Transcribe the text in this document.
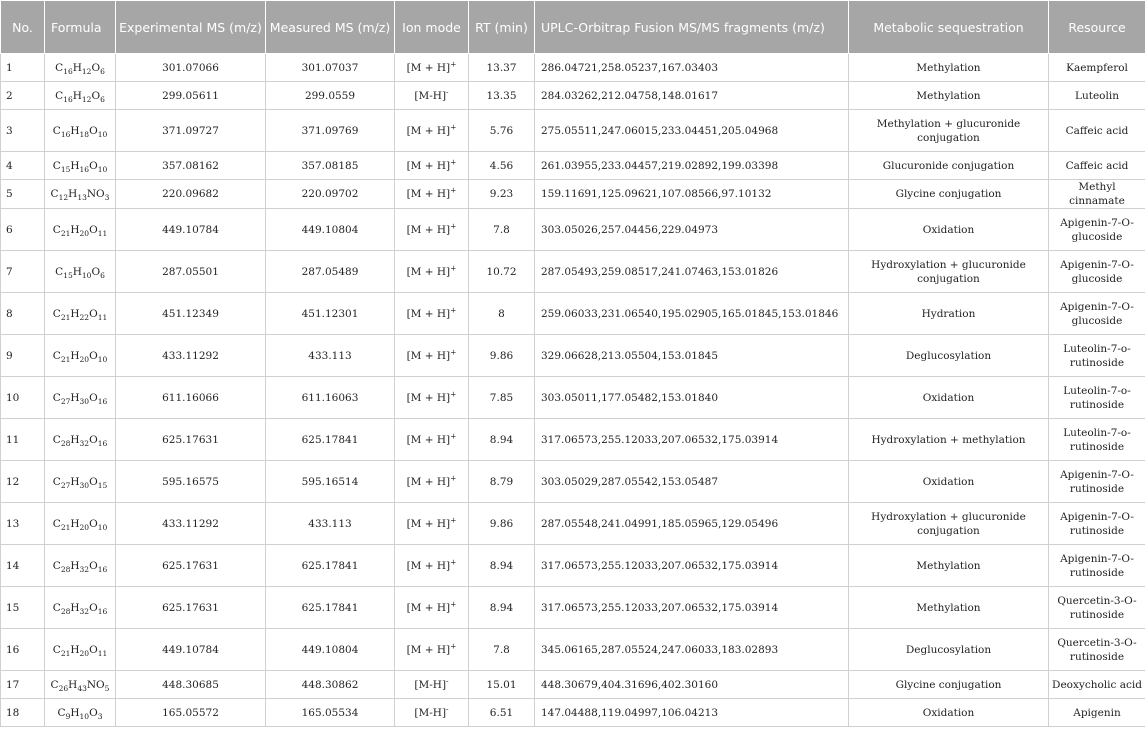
No.	Formula	Experimental MS (m/z)	Measured MS (m/z)	Ion mode	RT (min)	UPLC-Orbitrap Fusion MS/MS fragments (m/z)	Metabolic sequestration	Resource
1	$C_{16}H_{12}O_6$	301.07066	301.07037	[M + H]+	13.37	286.04721,258.05237,167.03403	Methylation	Kaempferol
2	$C_{16}H_{12}O_6$	299.05611	299.0559	[M-H]-	13.35	284.03262,212.04758,148.01617	Methylation	Luteolin
3	$C_{16}H_{18}O_{10}$	371.09727	371.09769	[M + H]+	5.76	275.05511,247.06015,233.04451,205.04968	Methylation + glucuronide conjugation	Caffeic acid
4	$C_{15}H_{16}O_{10}$	357.08162	357.08185	[M + H]+	4.56	261.03955,233.04457,219.02892,199.03398	Glucuronide conjugation	Caffeic acid
5	$C_{12}H_{13}NO_3$	220.09682	220.09702	[M + H]+	9.23	159.11691,125.09621,107.08566,97.10132	Glycine conjugation	Methyl cinnamate
6	$C_{21}H_{20}O_{11}$	449.10784	449.10804	[M + H]+	7.8	303.05026,257.04456,229.04973	Oxidation	Apigenin-7-O-glucoside
7	$C_{15}H_{10}O_6$	287.05501	287.05489	[M + H]+	10.72	287.05493,259.08517,241.07463,153.01826	Hydroxylation + glucuronide conjugation	Apigenin-7-O-glucoside
8	$C_{21}H_{22}O_{11}$	451.12349	451.12301	[M + H]+	8	259.06033,231.06540,195.02905,165.01845,153.01846	Hydration	Apigenin-7-O-glucoside
9	$C_{21}H_{20}O_{10}$	433.11292	433.113	[M + H]+	9.86	329.06628,213.05504,153.01845	Deglucosylation	Luteolin-7-o-rutinoside
10	$C_{27}H_{30}O_{16}$	611.16066	611.16063	[M + H]+	7.85	303.05011,177.05482,153.01840	Oxidation	Luteolin-7-o-rutinoside
11	$C_{28}H_{32}O_{16}$	625.17631	625.17841	[M + H]+	8.94	317.06573,255.12033,207.06532,175.03914	Hydroxylation + methylation	Luteolin-7-o-rutinoside
12	$C_{27}H_{30}O_{15}$	595.16575	595.16514	[M + H]+	8.79	303.05029,287.05542,153.05487	Oxidation	Apigenin-7-O-rutinoside
13	$C_{21}H_{20}O_{10}$	433.11292	433.113	[M + H]+	9.86	287.05548,241.04991,185.05965,129.05496	Hydroxylation + glucuronide conjugation	Apigenin-7-O-rutinoside
14	$C_{28}H_{32}O_{16}$	625.17631	625.17841	[M + H]+	8.94	317.06573,255.12033,207.06532,175.03914	Methylation	Apigenin-7-O-rutinoside
15	$C_{28}H_{32}O_{16}$	625.17631	625.17841	[M + H]+	8.94	317.06573,255.12033,207.06532,175.03914	Methylation	Quercetin-3-O-rutinoside
16	$C_{21}H_{20}O_{11}$	449.10784	449.10804	[M + H]+	7.8	345.06165,287.05524,247.06033,183.02893	Deglucosylation	Quercetin-3-O-rutinoside
17	$C_{26}H_{43}NO_5$	448.30685	448.30862	[M-H]-	15.01	448.30679,404.31696,402.30160	Glycine conjugation	Deoxycholic acid
18	$C_9H_{10}O_3$	165.05572	165.05534	[M-H]-	6.51	147.04488,119.04997,106.04213	Oxidation	Apigenin
